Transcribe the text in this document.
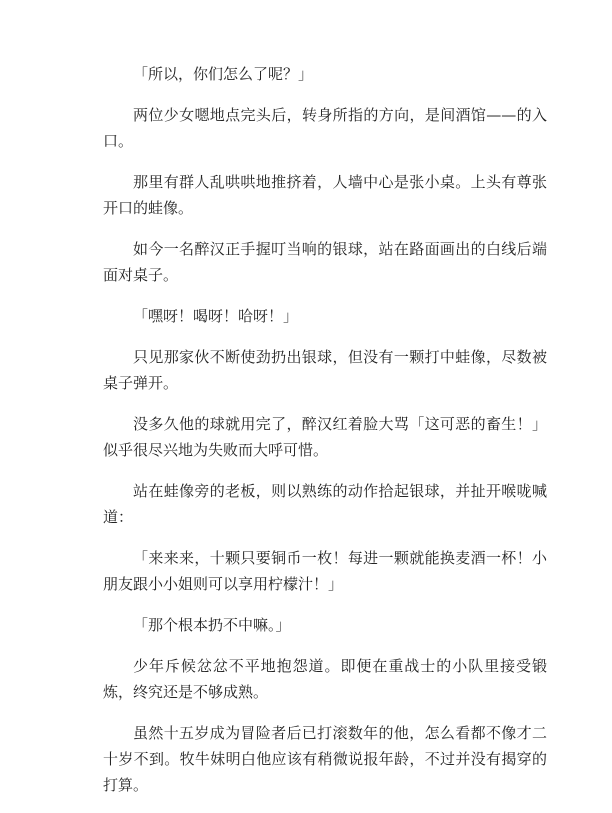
「所以，你们怎么了呢？」

两位少女嗯地点完头后，转身所指的方向，是间酒馆——的入口。

那里有群人乱哄哄地推挤着，人墙中心是张小桌。上头有尊张开口的蛙像。

如今一名醉汉正手握叮当响的银球，站在路面画出的白线后端面对桌子。

「嘿呀！喝呀！哈呀！」

只见那家伙不断使劲扔出银球，但没有一颗打中蛙像，尽数被桌子弹开。

没多久他的球就用完了，醉汉红着脸大骂「这可恶的畜生！」似乎很尽兴地为失败而大呼可惜。

站在蛙像旁的老板，则以熟练的动作拾起银球，并扯开喉咙喊道：

「来来来，十颗只要铜币一枚！每进一颗就能换麦酒一杯！小朋友跟小小姐则可以享用柠檬汁！」

「那个根本扔不中嘛。」

少年斥候忿忿不平地抱怨道。即便在重战士的小队里接受锻炼，终究还是不够成熟。

虽然十五岁成为冒险者后已打滚数年的他，怎么看都不像才二十岁不到。牧牛妹明白他应该有稍微说报年龄，不过并没有揭穿的打算。
